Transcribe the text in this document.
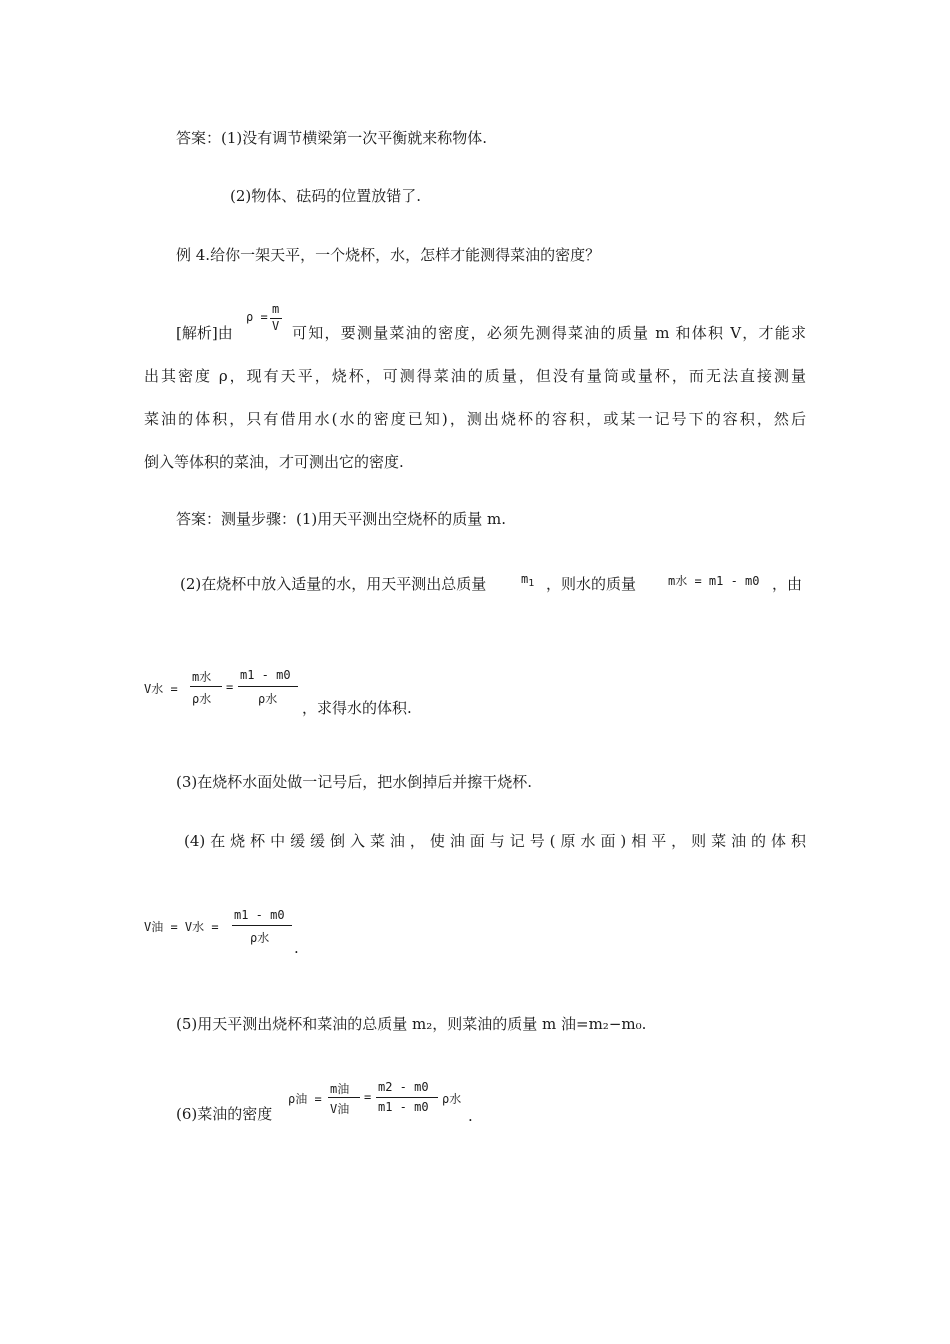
答案：(1)没有调节横梁第一次平衡就来称物体.
(2)物体、砝码的位置放错了.
例 4.给你一架天平，一个烧杯，水，怎样才能测得菜油的密度？
[解析]由
ρ =
m
V 可知，要测量菜油的密度，必须先测得菜油的质量 m 和体积 V，才能求
出其密度 ρ，现有天平，烧杯，可测得菜油的质量，但没有量筒或量杯，而无法直接测量
菜油的体积，只有借用水(水的密度已知)，测出烧杯的容积，或某一记号下的容积，然后
倒入等体积的菜油，才可测出它的密度.
答案：测量步骤：(1)用天平测出空烧杯的质量 m.
(2)在烧杯中放入适量的水，用天平测出总质量	$m_1$ ，则水的质量	m水 = m1 - m0 ，由
V水 =
m水
ρ水
=
m1 - m0
ρ水 ，求得水的体积.
(3)在烧杯水面处做一记号后，把水倒掉后并擦干烧杯.
(4)在烧杯中缓缓倒入菜油，使油面与记号(原水面)相平，则菜油的体积
V油 = V水 =
m1 - m0
ρ水
.
(5)用天平测出烧杯和菜油的总质量 m₂，则菜油的质量 m 油=m₂−m₀.
(6)菜油的密度
ρ油 =
m油
V油
=
m2 - m0
m1 - m0
ρ水
.
